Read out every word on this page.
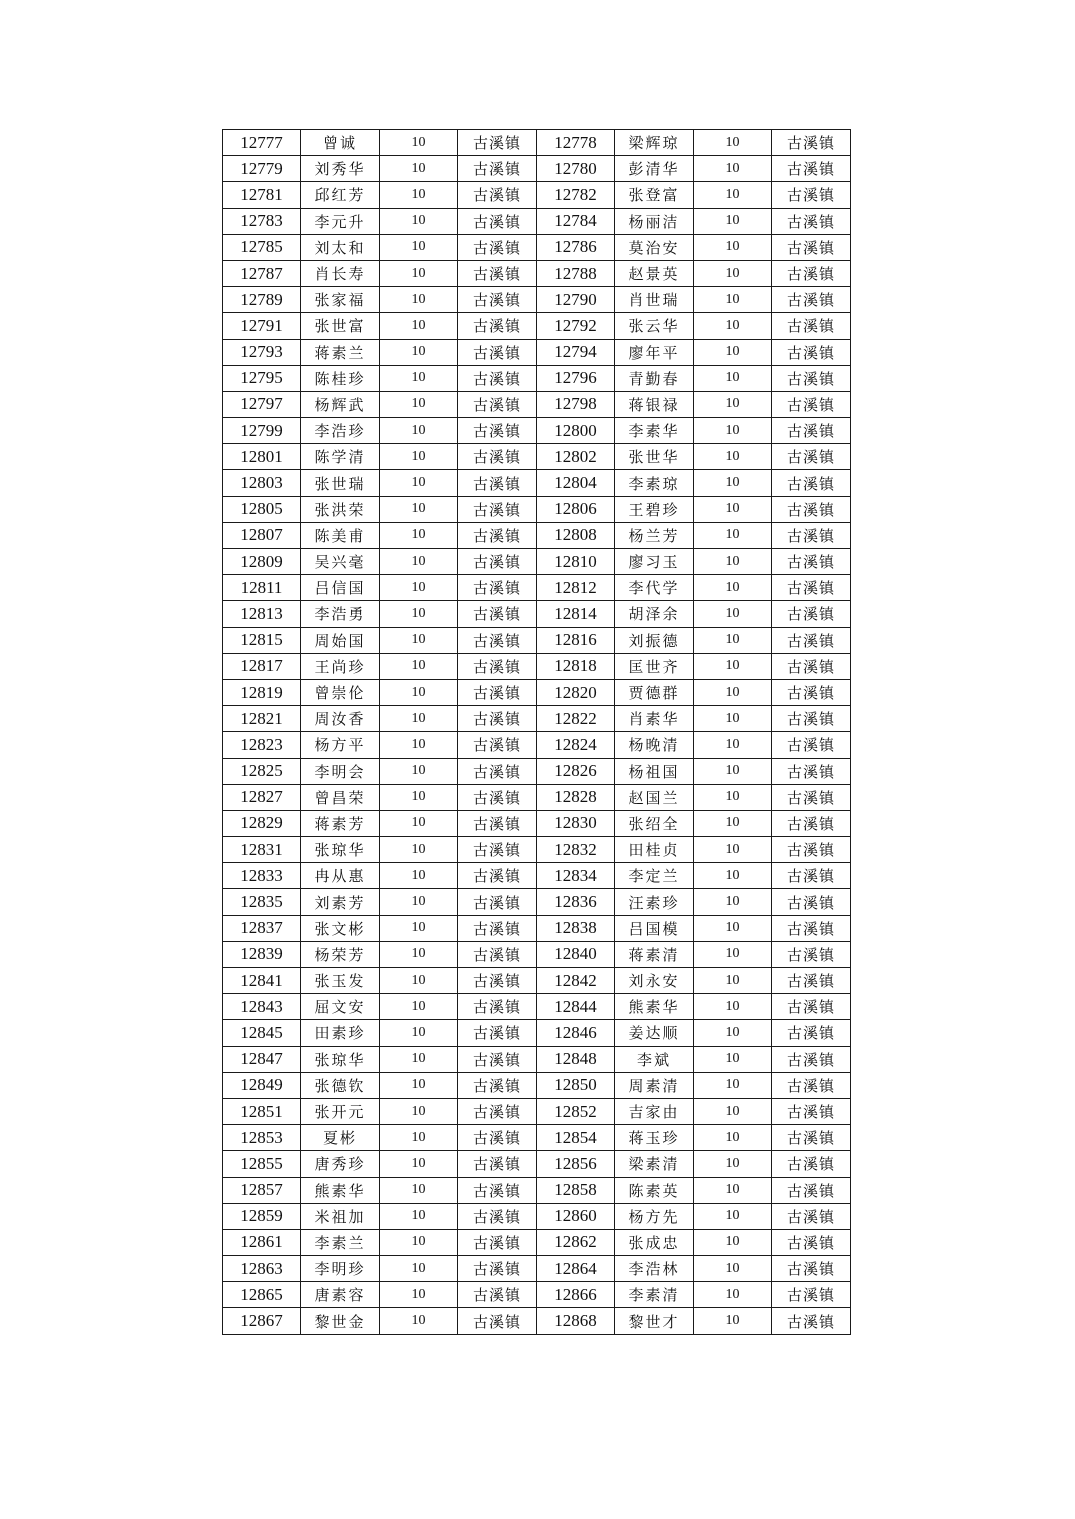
12777	曾诚	10	古溪镇	12778	梁辉琼	10	古溪镇
12779	刘秀华	10	古溪镇	12780	彭清华	10	古溪镇
12781	邱红芳	10	古溪镇	12782	张登富	10	古溪镇
12783	李元升	10	古溪镇	12784	杨丽洁	10	古溪镇
12785	刘太和	10	古溪镇	12786	莫治安	10	古溪镇
12787	肖长寿	10	古溪镇	12788	赵景英	10	古溪镇
12789	张家福	10	古溪镇	12790	肖世瑞	10	古溪镇
12791	张世富	10	古溪镇	12792	张云华	10	古溪镇
12793	蒋素兰	10	古溪镇	12794	廖年平	10	古溪镇
12795	陈桂珍	10	古溪镇	12796	青勤春	10	古溪镇
12797	杨辉武	10	古溪镇	12798	蒋银禄	10	古溪镇
12799	李浩珍	10	古溪镇	12800	李素华	10	古溪镇
12801	陈学清	10	古溪镇	12802	张世华	10	古溪镇
12803	张世瑞	10	古溪镇	12804	李素琼	10	古溪镇
12805	张洪荣	10	古溪镇	12806	王碧珍	10	古溪镇
12807	陈美甫	10	古溪镇	12808	杨兰芳	10	古溪镇
12809	吴兴毫	10	古溪镇	12810	廖习玉	10	古溪镇
12811	吕信国	10	古溪镇	12812	李代学	10	古溪镇
12813	李浩勇	10	古溪镇	12814	胡泽余	10	古溪镇
12815	周始国	10	古溪镇	12816	刘振德	10	古溪镇
12817	王尚珍	10	古溪镇	12818	匡世齐	10	古溪镇
12819	曾崇伦	10	古溪镇	12820	贾德群	10	古溪镇
12821	周汝香	10	古溪镇	12822	肖素华	10	古溪镇
12823	杨方平	10	古溪镇	12824	杨晚清	10	古溪镇
12825	李明会	10	古溪镇	12826	杨祖国	10	古溪镇
12827	曾昌荣	10	古溪镇	12828	赵国兰	10	古溪镇
12829	蒋素芳	10	古溪镇	12830	张绍全	10	古溪镇
12831	张琼华	10	古溪镇	12832	田桂贞	10	古溪镇
12833	冉从惠	10	古溪镇	12834	李定兰	10	古溪镇
12835	刘素芳	10	古溪镇	12836	汪素珍	10	古溪镇
12837	张文彬	10	古溪镇	12838	吕国模	10	古溪镇
12839	杨荣芳	10	古溪镇	12840	蒋素清	10	古溪镇
12841	张玉发	10	古溪镇	12842	刘永安	10	古溪镇
12843	屈文安	10	古溪镇	12844	熊素华	10	古溪镇
12845	田素珍	10	古溪镇	12846	姜达顺	10	古溪镇
12847	张琼华	10	古溪镇	12848	李斌	10	古溪镇
12849	张德钦	10	古溪镇	12850	周素清	10	古溪镇
12851	张开元	10	古溪镇	12852	吉家由	10	古溪镇
12853	夏彬	10	古溪镇	12854	蒋玉珍	10	古溪镇
12855	唐秀珍	10	古溪镇	12856	梁素清	10	古溪镇
12857	熊素华	10	古溪镇	12858	陈素英	10	古溪镇
12859	米祖加	10	古溪镇	12860	杨方先	10	古溪镇
12861	李素兰	10	古溪镇	12862	张成忠	10	古溪镇
12863	李明珍	10	古溪镇	12864	李浩林	10	古溪镇
12865	唐素容	10	古溪镇	12866	李素清	10	古溪镇
12867	黎世金	10	古溪镇	12868	黎世才	10	古溪镇
